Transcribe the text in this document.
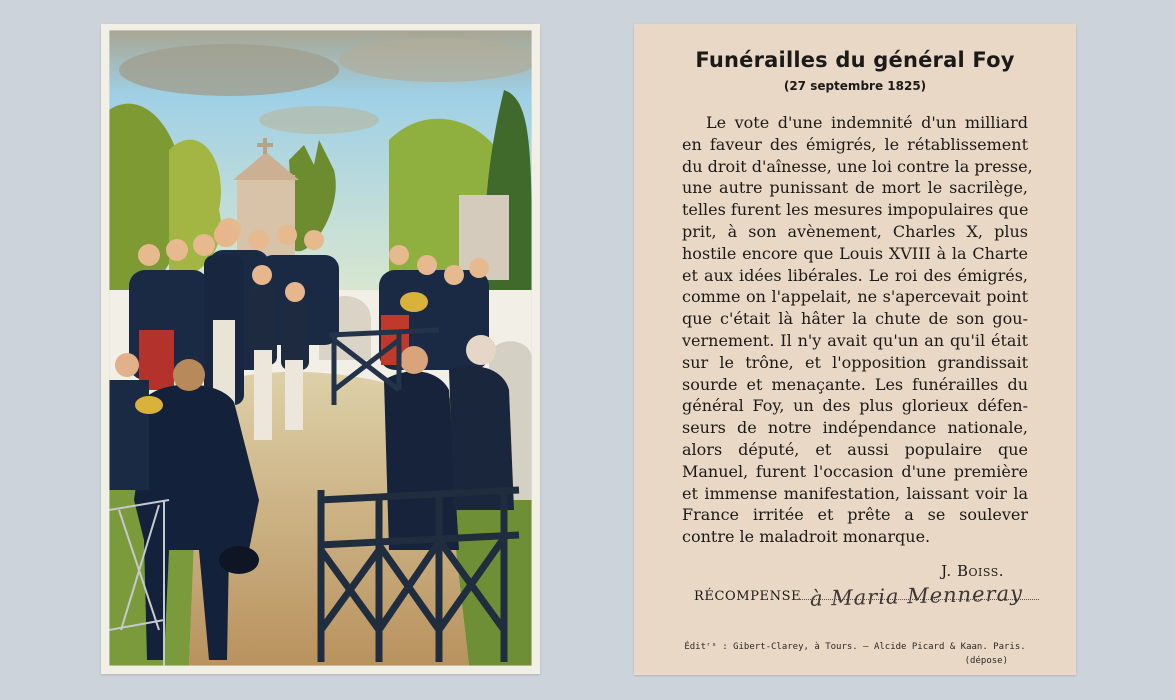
Funérailles du général Foy
(27 septembre 1825)
Le vote d'une indemnité d'un milliard
en faveur des émigrés, le rétablissement
du droit d'aînesse, une loi contre la presse,
une autre punissant de mort le sacrilège,
telles furent les mesures impopulaires que
prit, à son avènement, Charles X, plus
hostile encore que Louis XVIII à la Charte
et aux idées libérales. Le roi des émigrés,
comme on l'appelait, ne s'apercevait point
que c'était là hâter la chute de son gou-
vernement. Il n'y avait qu'un an qu'il était
sur le trône, et l'opposition grandissait
sourde et menaçante. Les funérailles du
général Foy, un des plus glorieux défen-
seurs de notre indépendance nationale,
alors député, et aussi populaire que
Manuel, furent l'occasion d'une première
et immense manifestation, laissant voir la
France irritée et prête a se soulever
contre le maladroit monarque.
J. Boiss.
RÉCOMPENSE à Maria Menneray
Éditʳˢ : Gibert-Clarey, à Tours. — Alcide Picard & Kaan. Paris.
(dépose)
